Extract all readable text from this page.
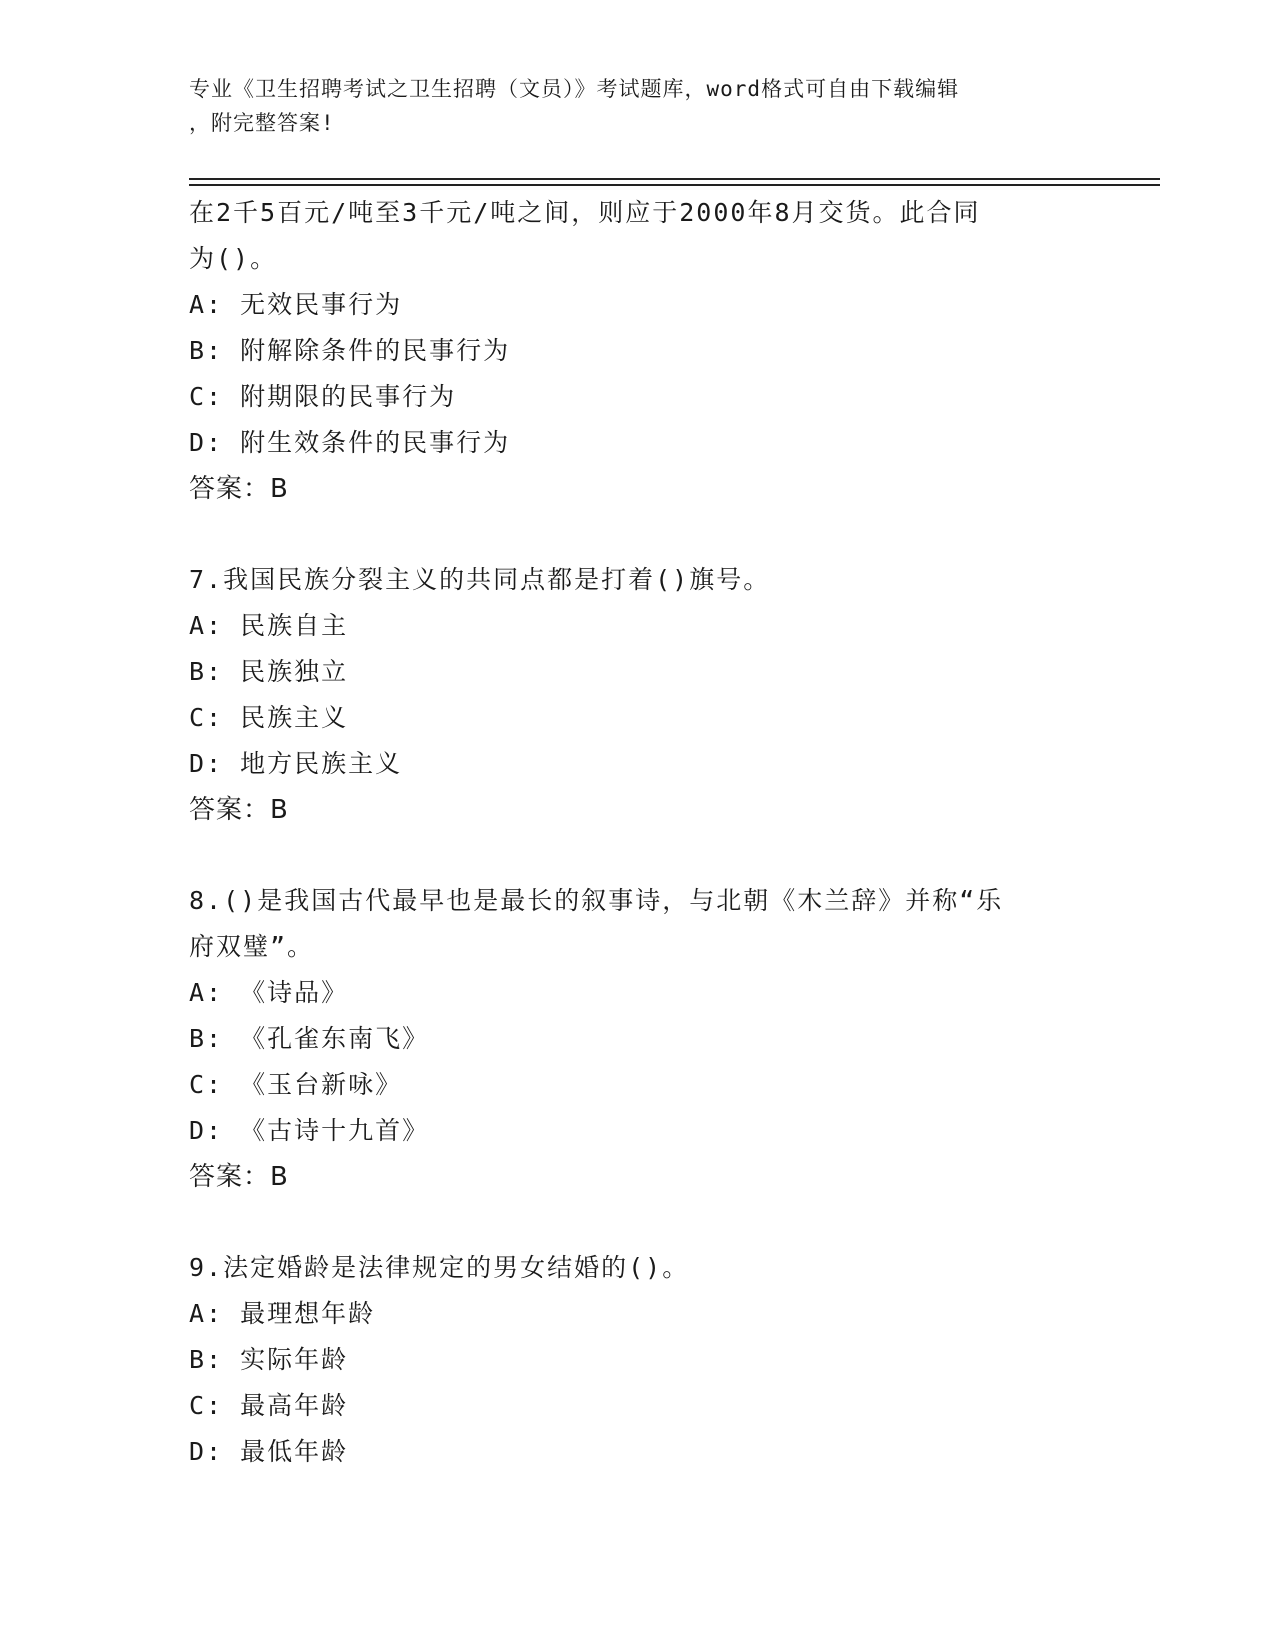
专业《卫生招聘考试之卫生招聘（文员）》考试题库，word格式可自由下载编辑
，附完整答案!
在2千5百元/吨至3千元/吨之间，则应于2000年8月交货。此合同
为()。
A: 无效民事行为
B: 附解除条件的民事行为
C: 附期限的民事行为
D: 附生效条件的民事行为
答案：B
7.我国民族分裂主义的共同点都是打着()旗号。
A: 民族自主
B: 民族独立
C: 民族主义
D: 地方民族主义
答案：B
8.()是我国古代最早也是最长的叙事诗，与北朝《木兰辞》并称“乐
府双璧”。
A: 《诗品》
B: 《孔雀东南飞》
C: 《玉台新咏》
D: 《古诗十九首》
答案：B
9.法定婚龄是法律规定的男女结婚的()。
A: 最理想年龄
B: 实际年龄
C: 最高年龄
D: 最低年龄
